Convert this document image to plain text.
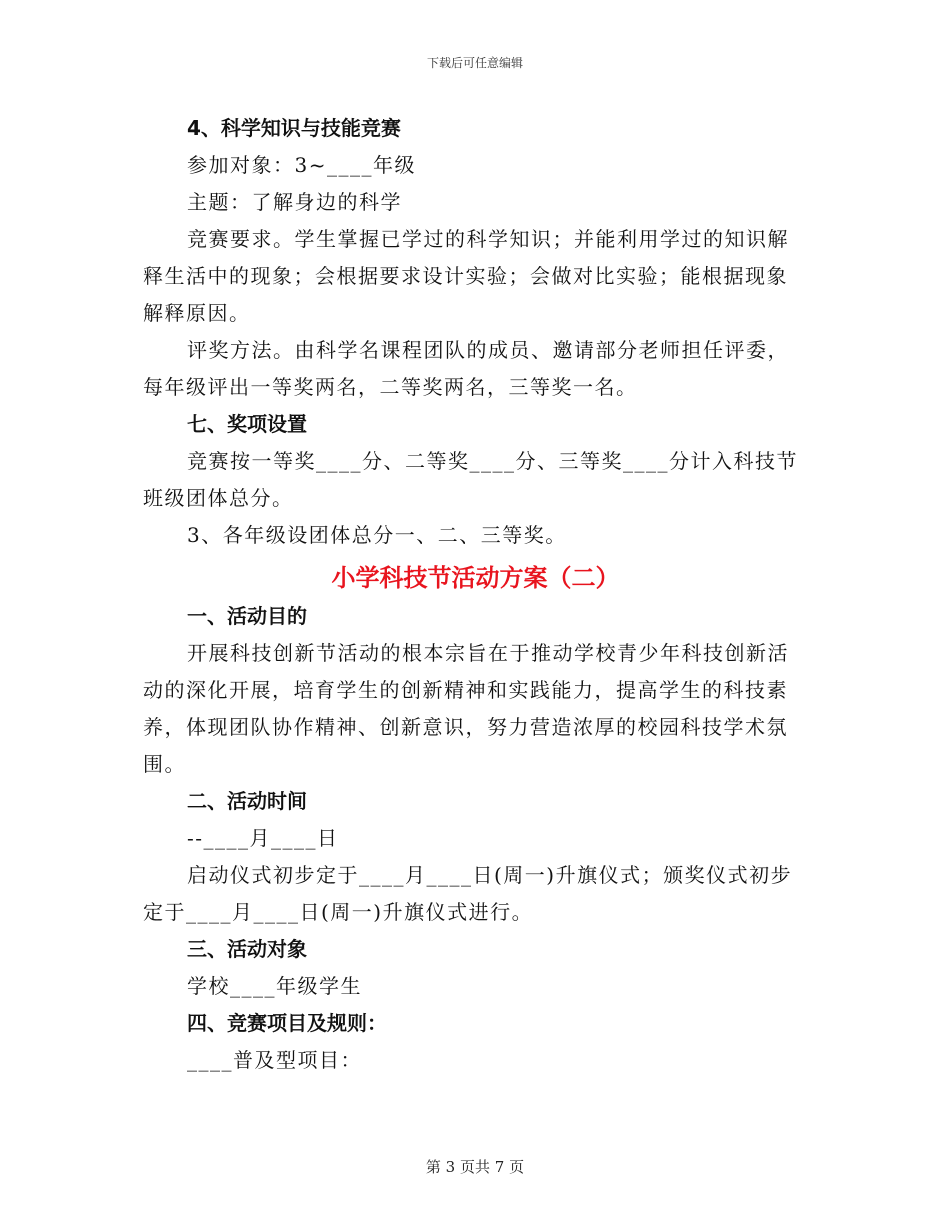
下载后可任意编辑
4、科学知识与技能竞赛
参加对象：3~____年级
主题：了解身边的科学
竞赛要求。学生掌握已学过的科学知识；并能利用学过的知识解
释生活中的现象；会根据要求设计实验；会做对比实验；能根据现象
解释原因。
评奖方法。由科学名课程团队的成员、邀请部分老师担任评委，
每年级评出一等奖两名，二等奖两名，三等奖一名。
七、奖项设置
竞赛按一等奖____分、二等奖____分、三等奖____分计入科技节
班级团体总分。
3、各年级设团体总分一、二、三等奖。
小学科技节活动方案（二）
一、活动目的
开展科技创新节活动的根本宗旨在于推动学校青少年科技创新活
动的深化开展，培育学生的创新精神和实践能力，提高学生的科技素
养，体现团队协作精神、创新意识，努力营造浓厚的校园科技学术氛
围。
二、活动时间
--____月____日
启动仪式初步定于____月____日(周一)升旗仪式；颁奖仪式初步
定于____月____日(周一)升旗仪式进行。
三、活动对象
学校____年级学生
四、竞赛项目及规则：
____普及型项目：
第 3 页共 7 页
